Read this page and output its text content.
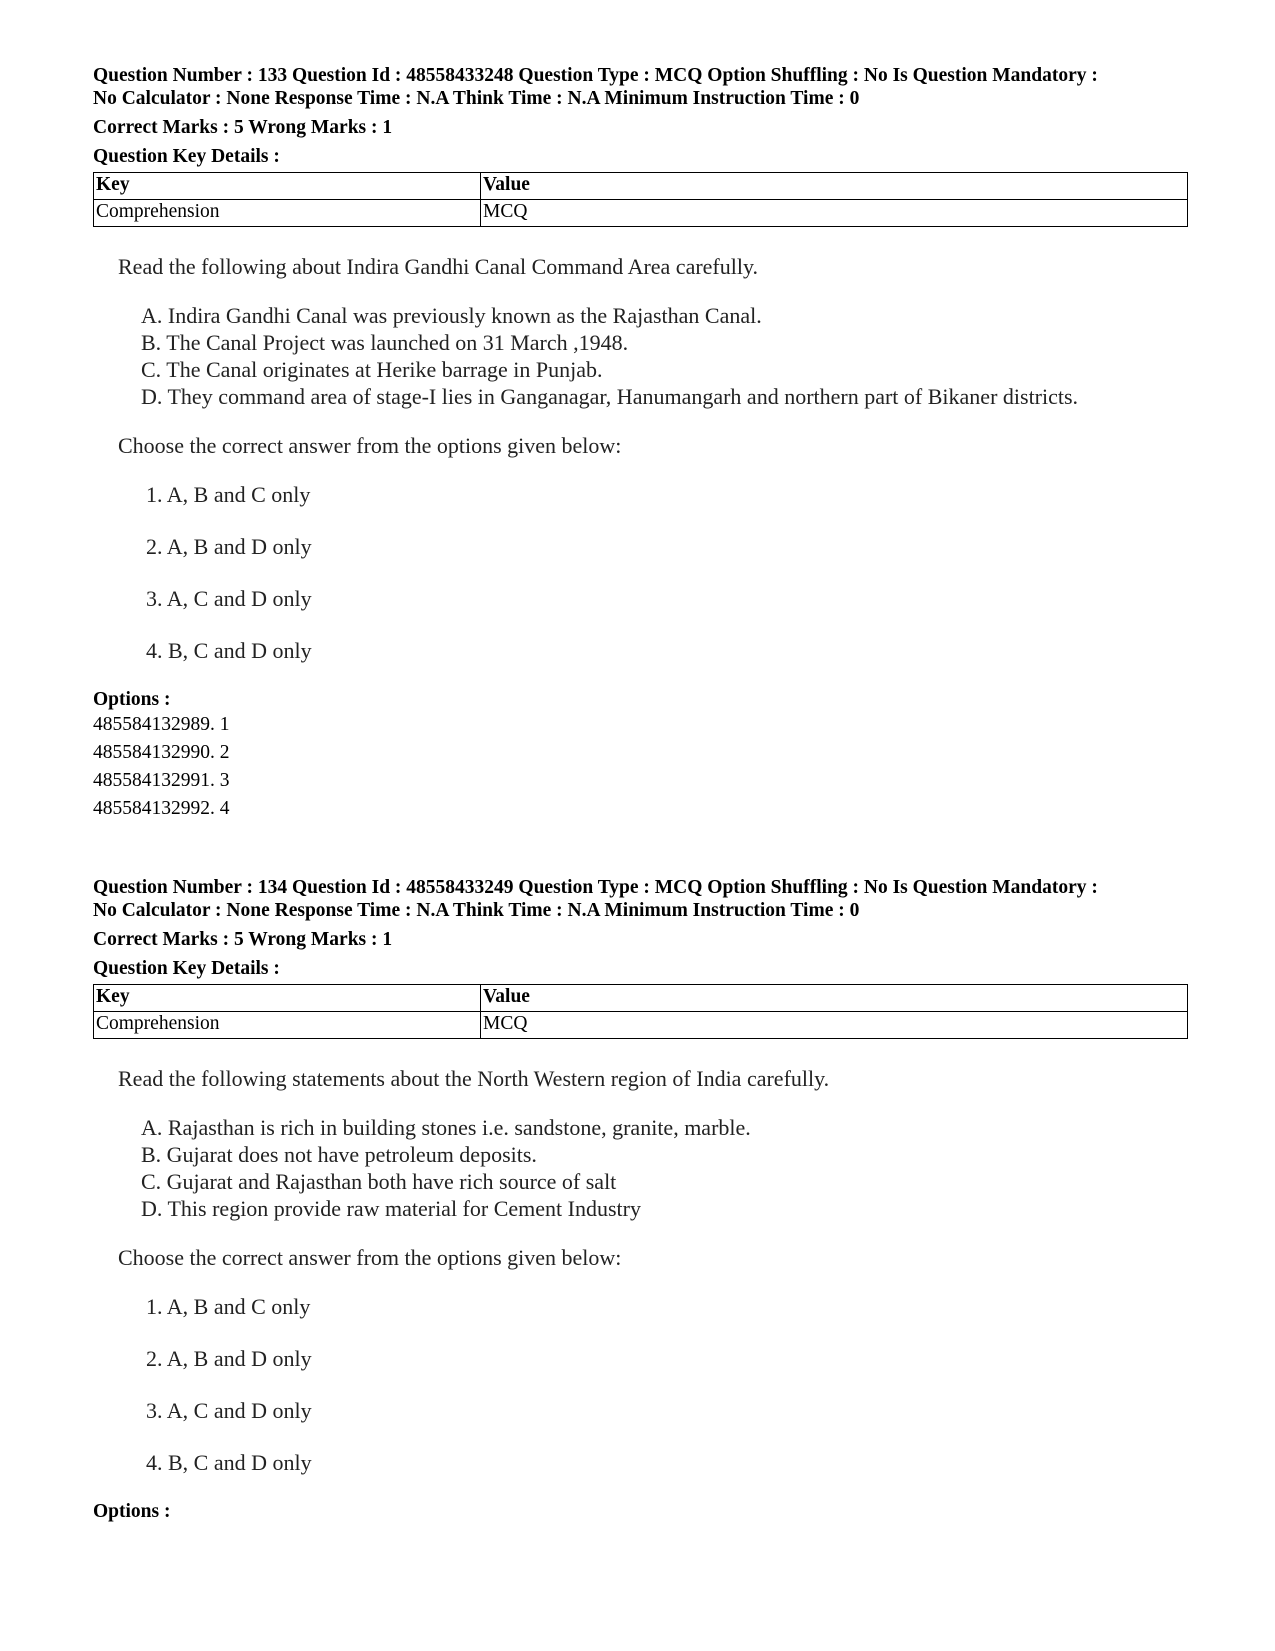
Question Number : 133 Question Id : 48558433248 Question Type : MCQ Option Shuffling : No Is Question Mandatory :
No Calculator : None Response Time : N.A Think Time : N.A Minimum Instruction Time : 0
Correct Marks : 5 Wrong Marks : 1
Question Key Details :
Key	Value
Comprehension	MCQ
Read the following about Indira Gandhi Canal Command Area carefully.
A. Indira Gandhi Canal was previously known as the Rajasthan Canal.
B. The Canal Project was launched on 31 March ,1948.
C. The Canal originates at Herike barrage in Punjab.
D. They command area of stage-I lies in Ganganagar, Hanumangarh and northern part of Bikaner districts.
Choose the correct answer from the options given below:
1. A, B and C only
2. A, B and D only
3. A, C and D only
4. B, C and D only
Options :
485584132989. 1
485584132990. 2
485584132991. 3
485584132992. 4
Question Number : 134 Question Id : 48558433249 Question Type : MCQ Option Shuffling : No Is Question Mandatory :
No Calculator : None Response Time : N.A Think Time : N.A Minimum Instruction Time : 0
Correct Marks : 5 Wrong Marks : 1
Question Key Details :
Key	Value
Comprehension	MCQ
Read the following statements about the North Western region of India carefully.
A. Rajasthan is rich in building stones i.e. sandstone, granite, marble.
B. Gujarat does not have petroleum deposits.
C. Gujarat and Rajasthan both have rich source of salt
D. This region provide raw material for Cement Industry
Choose the correct answer from the options given below:
1. A, B and C only
2. A, B and D only
3. A, C and D only
4. B, C and D only
Options :
